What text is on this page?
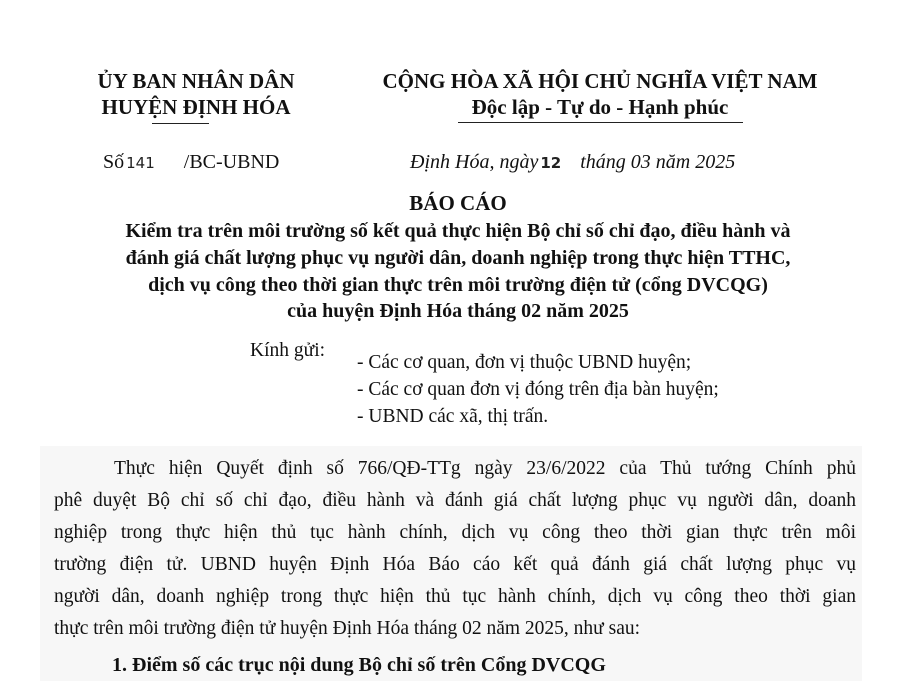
ỦY BAN NHÂN DÂN
HUYỆN ĐỊNH HÓA
CỘNG HÒA XÃ HỘI CHỦ NGHĨA VIỆT NAM
Độc lập - Tự do - Hạnh phúc
Số 141 /BC-UBND	Định Hóa, ngày 12 tháng 03 năm 2025
BÁO CÁO
Kiểm tra trên môi trường số kết quả thực hiện Bộ chỉ số chỉ đạo, điều hành và
đánh giá chất lượng phục vụ người dân, doanh nghiệp trong thực hiện TTHC,
dịch vụ công theo thời gian thực trên môi trường điện tử (cổng DVCQG)
của huyện Định Hóa tháng 02 năm 2025
Kính gửi:
- Các cơ quan, đơn vị thuộc UBND huyện;
- Các cơ quan đơn vị đóng trên địa bàn huyện;
- UBND các xã, thị trấn.
Thực hiện Quyết định số 766/QĐ-TTg ngày 23/6/2022 của Thủ tướng Chính phủ
phê duyệt Bộ chỉ số chỉ đạo, điều hành và đánh giá chất lượng phục vụ người dân, doanh
nghiệp trong thực hiện thủ tục hành chính, dịch vụ công theo thời gian thực trên môi
trường điện tử. UBND huyện Định Hóa Báo cáo kết quả đánh giá chất lượng phục vụ
người dân, doanh nghiệp trong thực hiện thủ tục hành chính, dịch vụ công theo thời gian
thực trên môi trường điện tử huyện Định Hóa tháng 02 năm 2025, như sau:
1. Điểm số các trục nội dung Bộ chỉ số trên Cổng DVCQG
